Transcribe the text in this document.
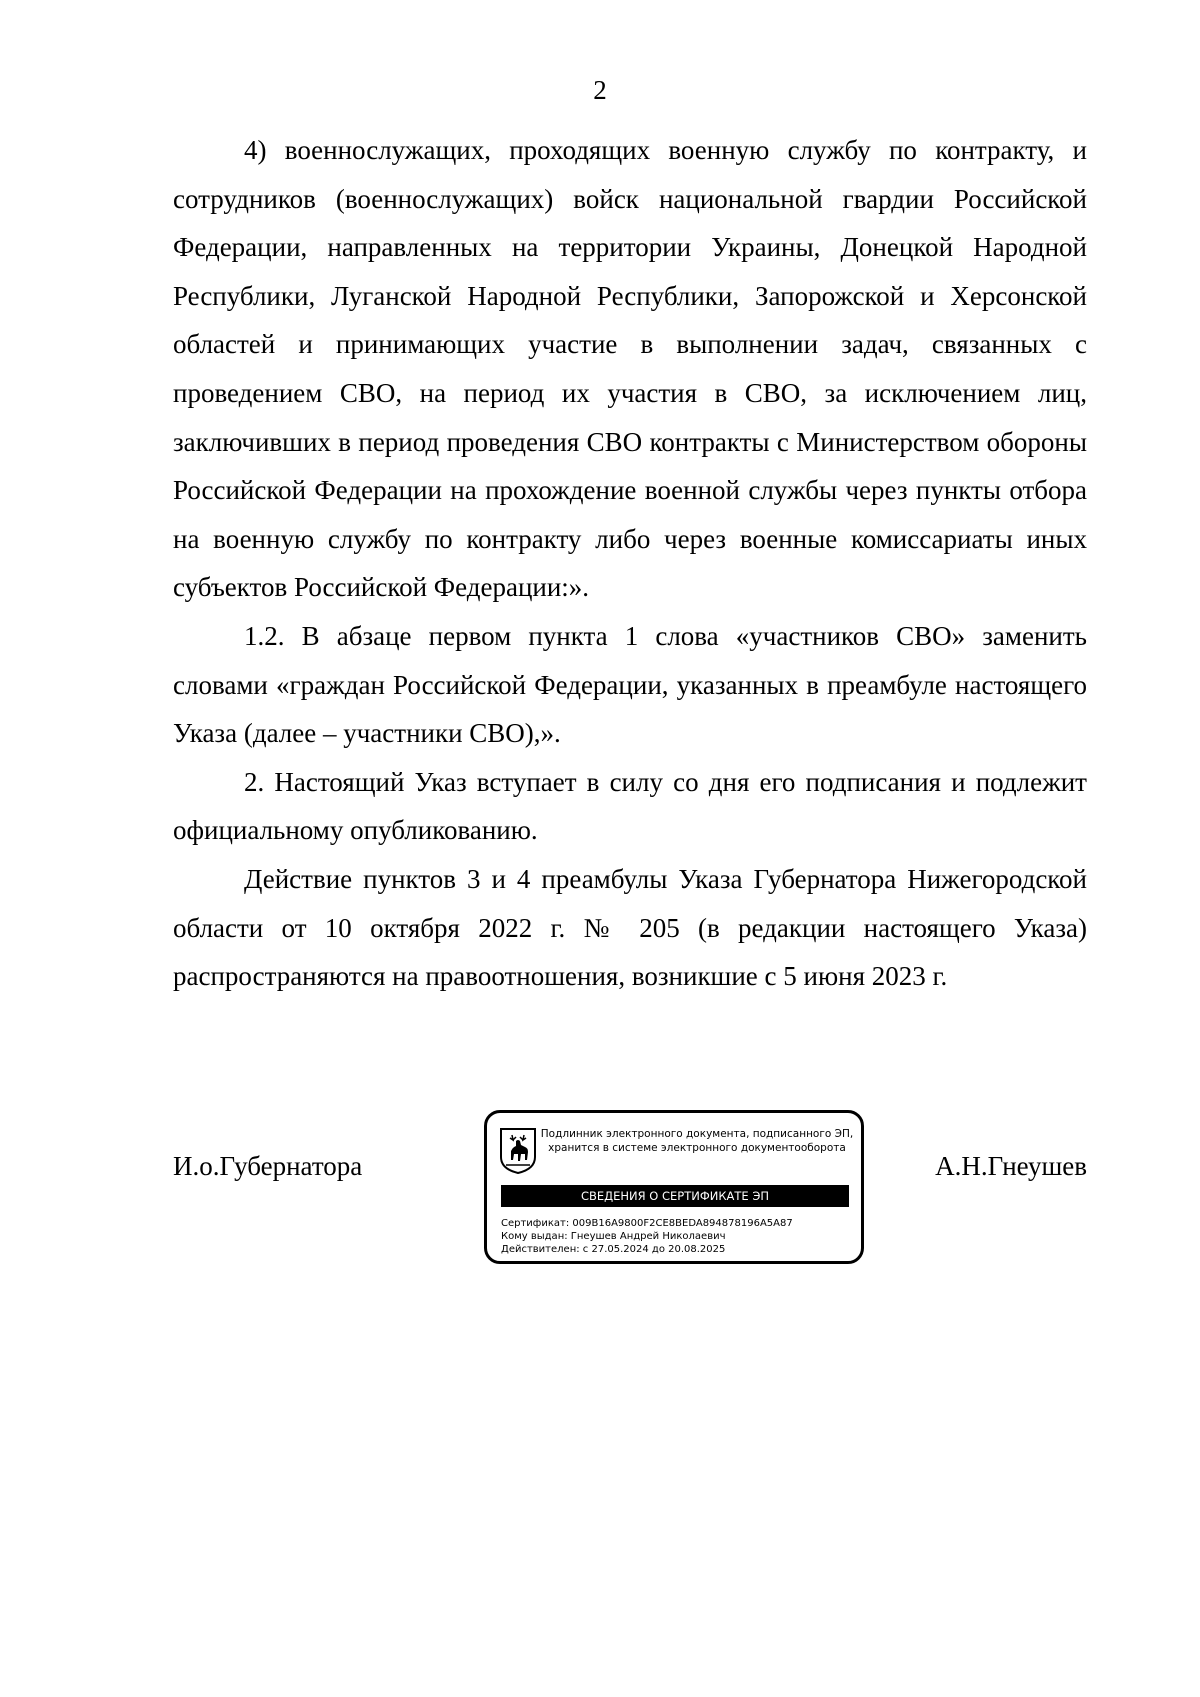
2

4) военнослужащих, проходящих военную службу по контракту, и сотрудников (военнослужащих) войск национальной гвардии Российской Федерации, направленных на территории Украины, Донецкой Народной Республики, Луганской Народной Республики, Запорожской и Херсонской областей и принимающих участие в выполнении задач, связанных с проведением СВО, на период их участия в СВО, за исключением лиц, заключивших в период проведения СВО контракты с Министерством обороны Российской Федерации на прохождение военной службы через пункты отбора на военную службу по контракту либо через военные комиссариаты иных субъектов Российской Федерации:».

1.2. В абзаце первом пункта 1 слова «участников СВО» заменить словами «граждан Российской Федерации, указанных в преамбуле настоящего Указа (далее – участники СВО),».

2. Настоящий Указ вступает в силу со дня его подписания и подлежит официальному опубликованию.

Действие пунктов 3 и 4 преамбулы Указа Губернатора Нижегородской области от 10 октября 2022 г. № 205 (в редакции настоящего Указа) распространяются на правоотношения, возникшие с 5 июня 2023 г.

И.о.Губернатора
Подлинник электронного документа, подписанного ЭП,
хранится в системе электронного документооборота
СВЕДЕНИЯ О СЕРТИФИКАТЕ ЭП
Сертификат: 009B16A9800F2CE8BEDA894878196A5A87
Кому выдан: Гнеушев Андрей Николаевич
Действителен: с 27.05.2024 до 20.08.2025
А.Н.Гнеушев
